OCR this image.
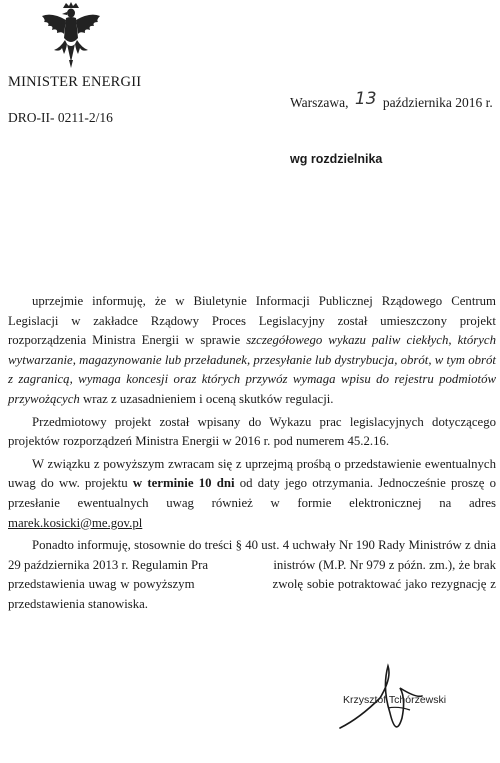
MINISTER ENERGII
DRO-II- 0211-2/16
Warszawa, 13 października 2016 r.
wg rozdzielnika

uprzejmie informuję, że w Biuletynie Informacji Publicznej Rządowego Centrum Legislacji w zakładce Rządowy Proces Legislacyjny został umieszczony projekt rozporządzenia Ministra Energii w sprawie szczegółowego wykazu paliw ciekłych, których wytwarzanie, magazynowanie lub przeładunek, przesyłanie lub dystrybucja, obrót, w tym obrót z zagranicą, wymaga koncesji oraz których przywóz wymaga wpisu do rejestru podmiotów przywożących wraz z uzasadnieniem i oceną skutków regulacji.

Przedmiotowy projekt został wpisany do Wykazu prac legislacyjnych dotyczącego projektów rozporządzeń Ministra Energii w 2016 r. pod numerem 45.2.16.

W związku z powyższym zwracam się z uprzejmą prośbą o przedstawienie ewentualnych uwag do ww. projektu w terminie 10 dni od daty jego otrzymania. Jednocześnie proszę o przesłanie ewentualnych uwag również w formie elektronicznej na adres marek.kosicki@me.gov.pl

Ponadto informuję, stosownie do treści § 40 ust. 4 uchwały Nr 190 Rady Ministrów z dnia 29 października 2013 r. Regulamin Pra                    inistrów (M.P. Nr 979 z późn. zm.), że brak przedstawienia uwag w powyższym                    zwolę sobie potraktować jako rezygnację z przedstawienia stanowiska.

Krzysztof Tchórzewski
